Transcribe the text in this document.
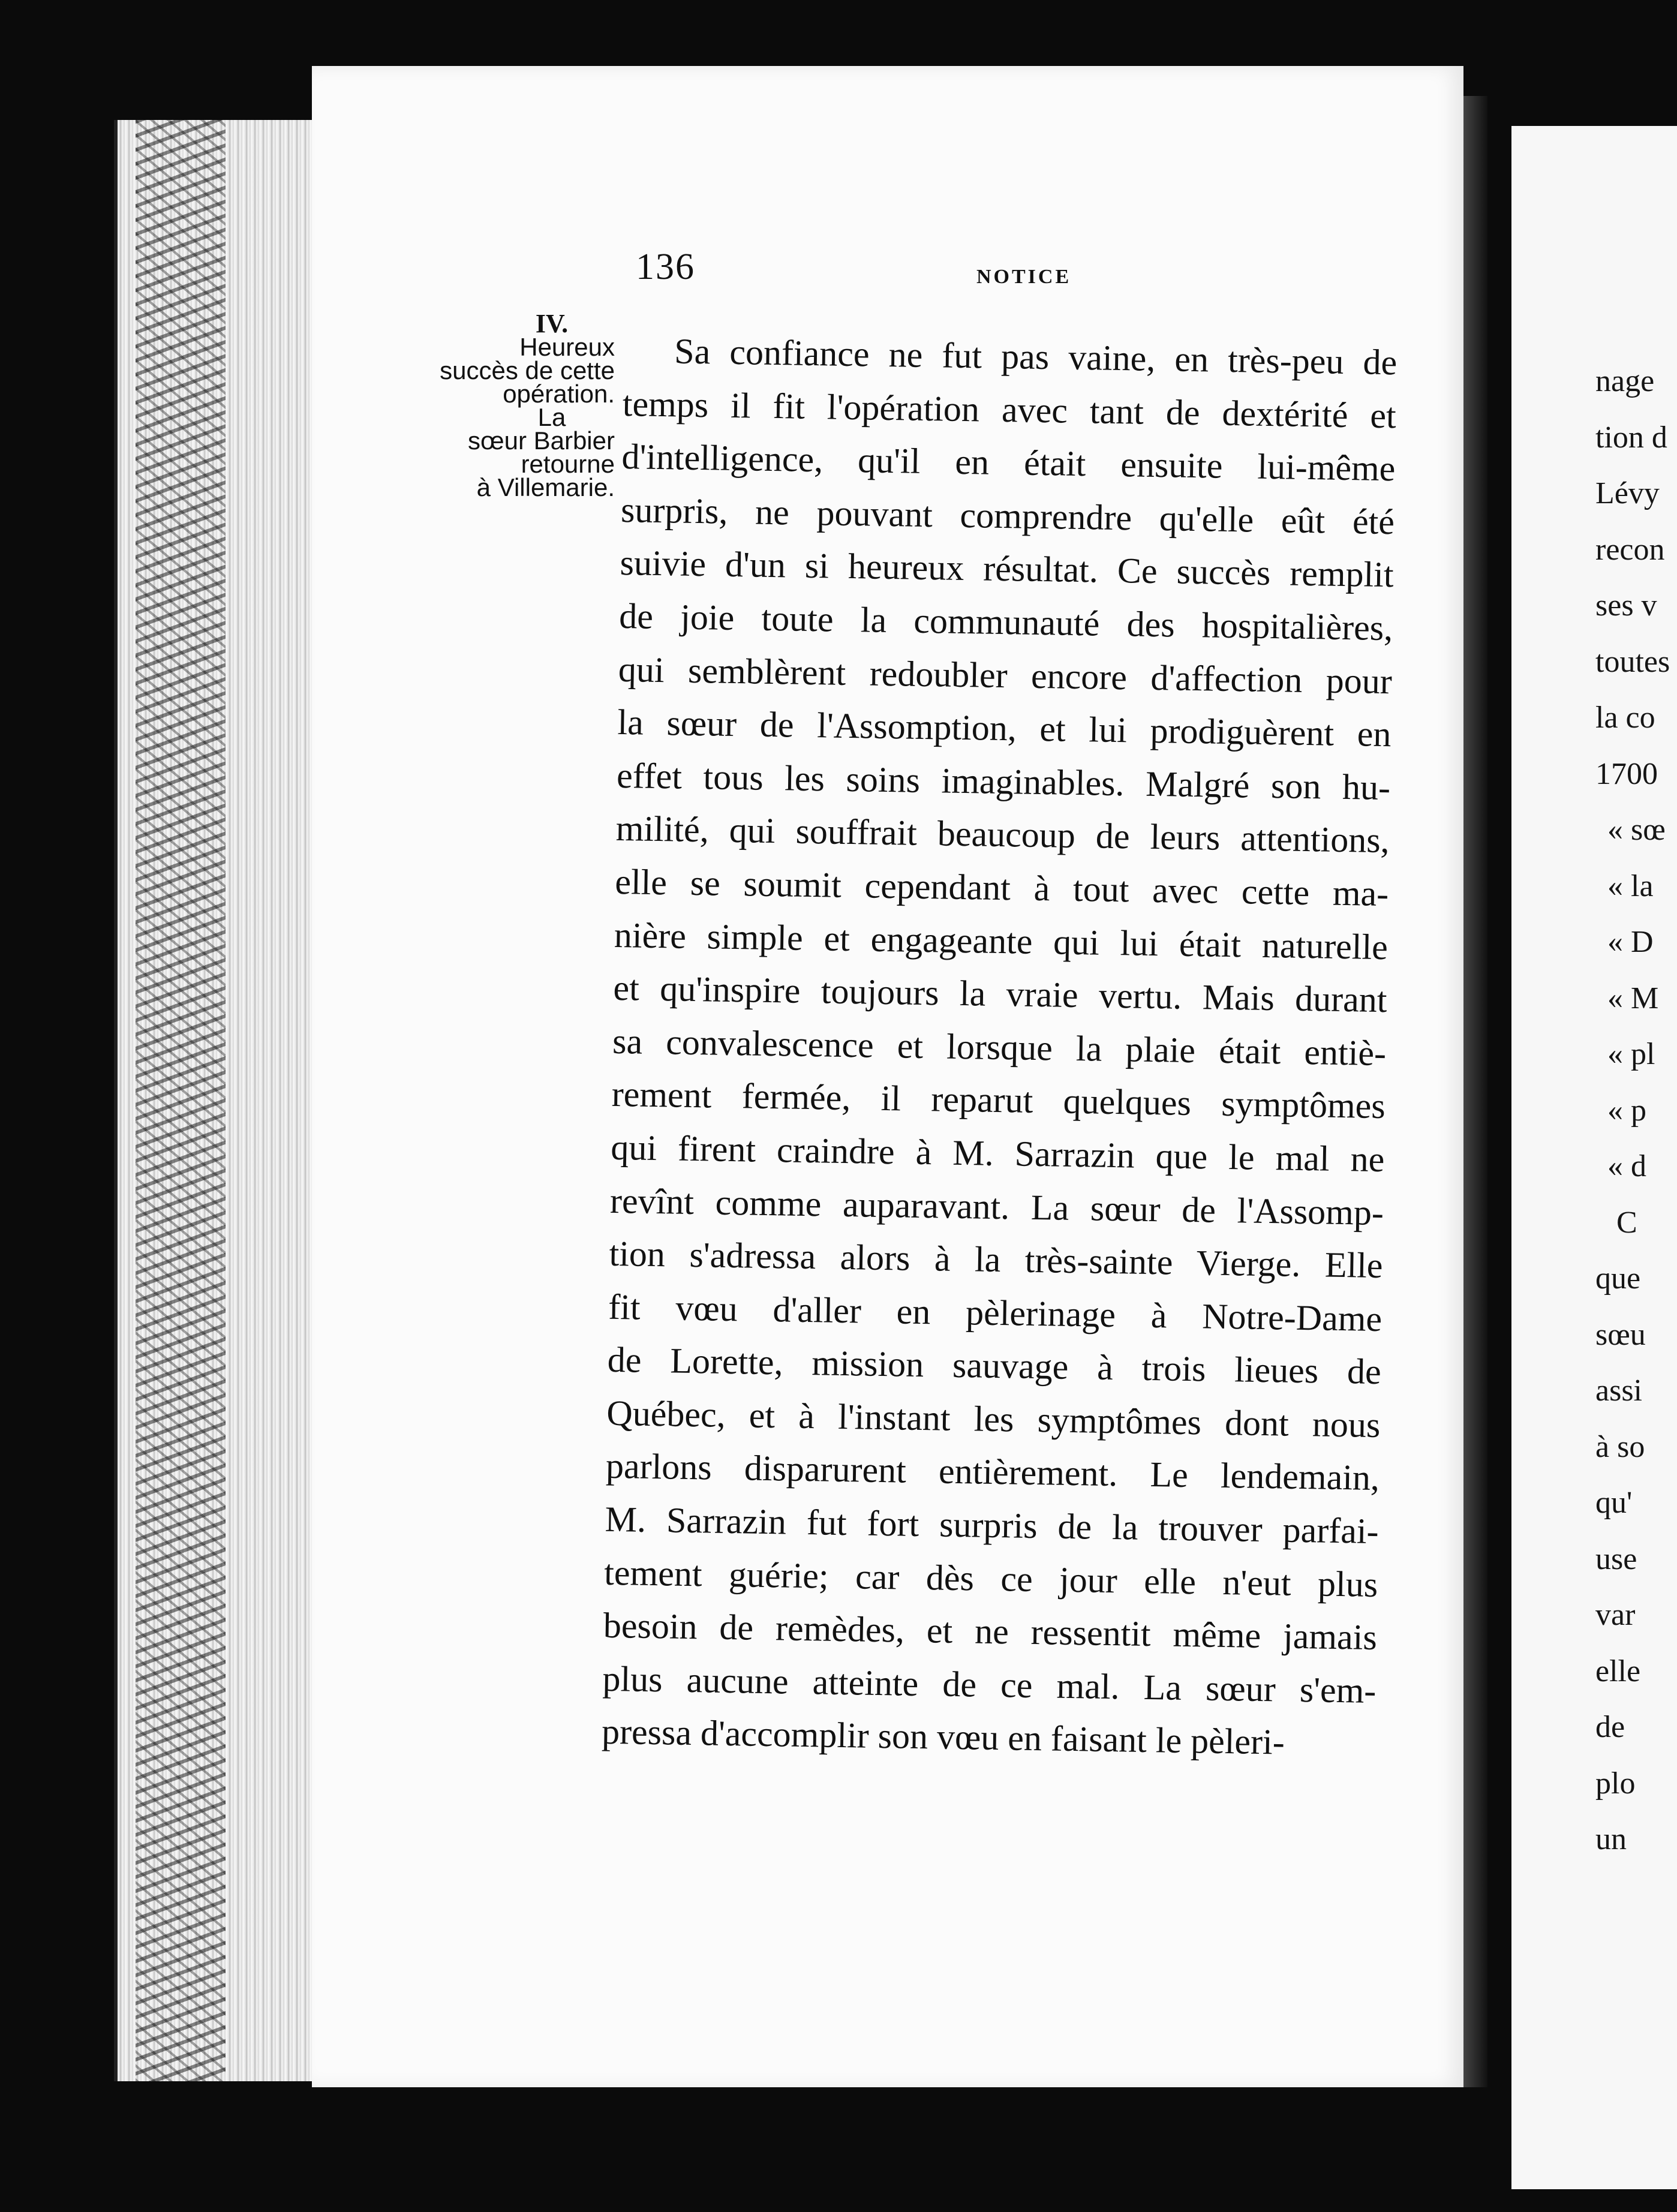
nage
tion d
Lévy
recon
ses v
toutes
la co
1700
« sœ
« la
« D
« M
« pl
« p
« d
C
que
sœu
assi
à so
qu'
use
var
elle
de
plo
un
136	NOTICE
IV.
Heureux
succès de cette
opération.
La
sœur Barbier
retourne
à Villemarie.
Sa confiance ne fut pas vaine, en très-peu de
temps il fit l'opération avec tant de dextérité et
d'intelligence, qu'il en était ensuite lui-même
surpris, ne pouvant comprendre qu'elle eût été
suivie d'un si heureux résultat. Ce succès remplit
de joie toute la communauté des hospitalières,
qui semblèrent redoubler encore d'affection pour
la sœur de l'Assomption, et lui prodiguèrent en
effet tous les soins imaginables. Malgré son hu-
milité, qui souffrait beaucoup de leurs attentions,
elle se soumit cependant à tout avec cette ma-
nière simple et engageante qui lui était naturelle
et qu'inspire toujours la vraie vertu. Mais durant
sa convalescence et lorsque la plaie était entiè-
rement fermée, il reparut quelques symptômes
qui firent craindre à M. Sarrazin que le mal ne
revînt comme auparavant. La sœur de l'Assomp-
tion s'adressa alors à la très-sainte Vierge. Elle
fit vœu d'aller en pèlerinage à Notre-Dame
de Lorette, mission sauvage à trois lieues de
Québec, et à l'instant les symptômes dont nous
parlons disparurent entièrement. Le lendemain,
M. Sarrazin fut fort surpris de la trouver parfai-
tement guérie; car dès ce jour elle n'eut plus
besoin de remèdes, et ne ressentit même jamais
plus aucune atteinte de ce mal. La sœur s'em-
pressa d'accomplir son vœu en faisant le pèleri-
